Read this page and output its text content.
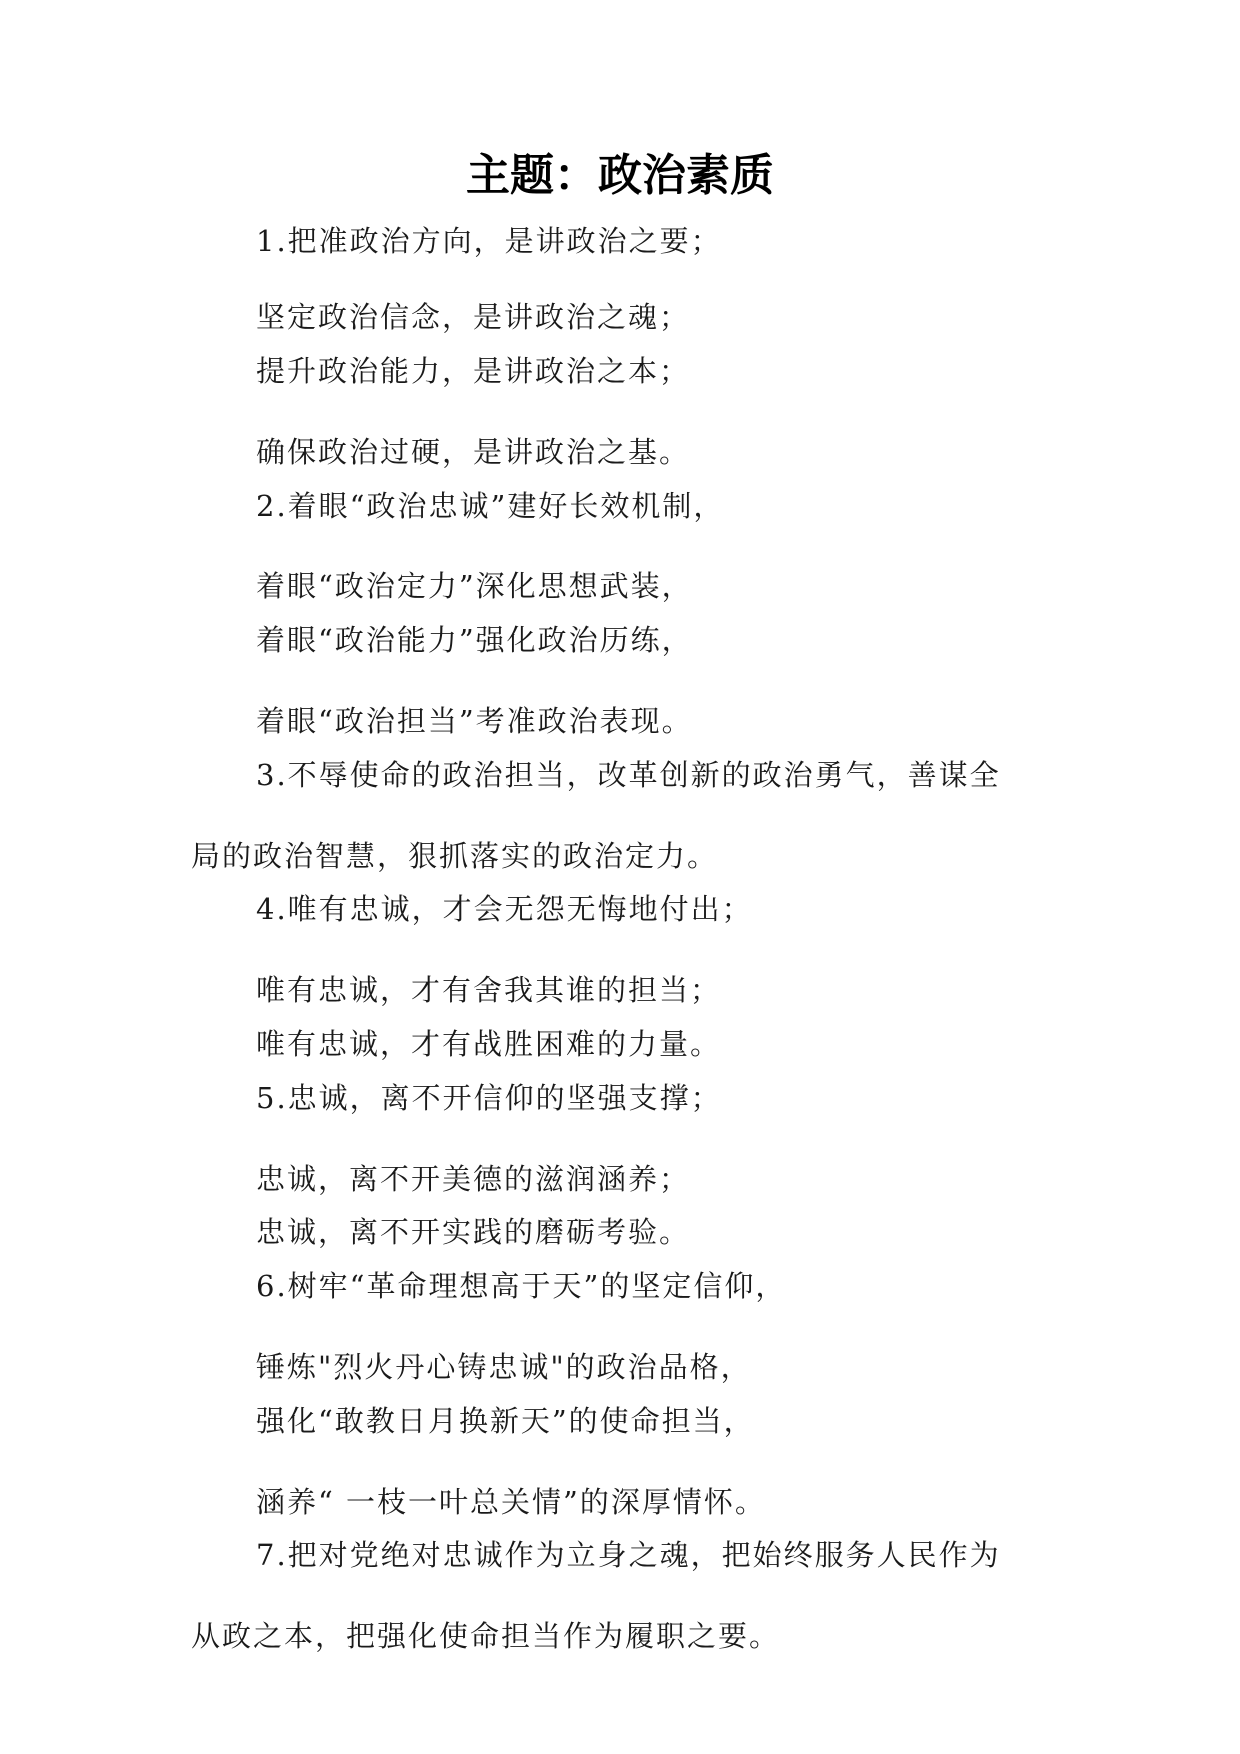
主题：政治素质

1.把准政治方向，是讲政治之要；

坚定政治信念，是讲政治之魂；

提升政治能力，是讲政治之本；

确保政治过硬，是讲政治之基。

2.着眼“政治忠诚”建好长效机制，

着眼“政治定力”深化思想武装，

着眼“政治能力”强化政治历练，

着眼“政治担当”考准政治表现。

3.不辱使命的政治担当，改革创新的政治勇气，善谋全

局的政治智慧，狠抓落实的政治定力。

4.唯有忠诚，才会无怨无悔地付出；

唯有忠诚，才有舍我其谁的担当；

唯有忠诚，才有战胜困难的力量。

5.忠诚，离不开信仰的坚强支撑；

忠诚，离不开美德的滋润涵养；

忠诚，离不开实践的磨砺考验。

6.树牢“革命理想高于天”的坚定信仰，

锤炼"烈火丹心铸忠诚"的政治品格，

强化“敢教日月换新天”的使命担当，

涵养“ 一枝一叶总关情”的深厚情怀。

7.把对党绝对忠诚作为立身之魂，把始终服务人民作为

从政之本，把强化使命担当作为履职之要。
